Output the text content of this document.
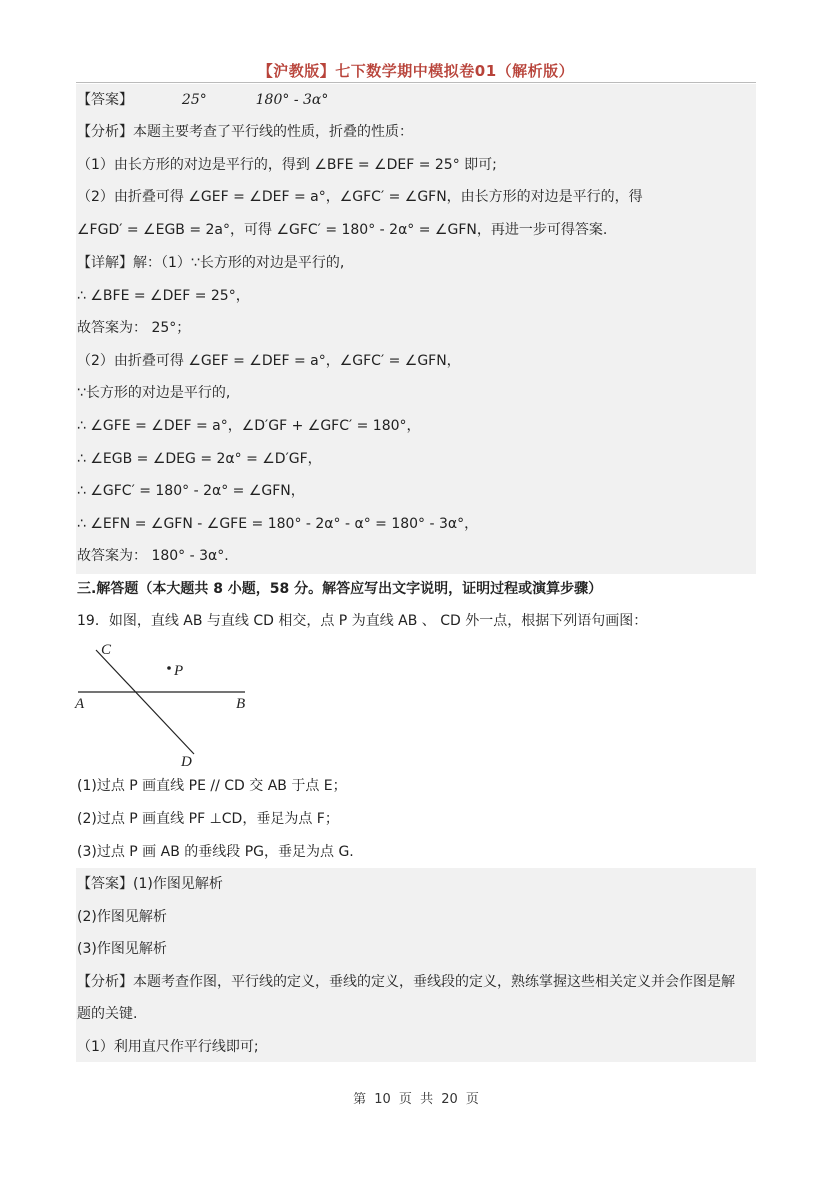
【沪教版】七下数学期中模拟卷01（解析版）
【答案】	25°	180° - 3α°
【分析】本题主要考查了平行线的性质，折叠的性质：
（1）由长方形的对边是平行的，得到 ∠BFE = ∠DEF = 25° 即可;
（2）由折叠可得 ∠GEF = ∠DEF = a°，∠GFC′ = ∠GFN，由长方形的对边是平行的，得
∠FGD′ = ∠EGB = 2a°，可得 ∠GFC′ = 180° - 2α° = ∠GFN，再进一步可得答案.
【详解】解：（1）∵长方形的对边是平行的,
∴ ∠BFE = ∠DEF = 25°，
故答案为： 25°；
（2）由折叠可得 ∠GEF = ∠DEF = a°，∠GFC′ = ∠GFN，
∵长方形的对边是平行的,
∴ ∠GFE = ∠DEF = a°，∠D′GF + ∠GFC′ = 180°，
∴ ∠EGB = ∠DEG = 2α° = ∠D′GF，
∴ ∠GFC′ = 180° - 2α° = ∠GFN，
∴ ∠EFN = ∠GFN - ∠GFE = 180° - 2α° - α° = 180° - 3α°，
故答案为： 180° - 3α°.
三.解答题（本大题共 8 小题，58 分。解答应写出文字说明，证明过程或演算步骤）
19．如图，直线 AB 与直线 CD 相交，点 P 为直线 AB 、 CD 外一点，根据下列语句画图：
C
P
A	B
D
(1)过点 P 画直线 PE // CD 交 AB 于点 E；
(2)过点 P 画直线 PF ⊥CD，垂足为点 F；
(3)过点 P 画 AB 的垂线段 PG，垂足为点 G.
【答案】(1)作图见解析
(2)作图见解析
(3)作图见解析
【分析】本题考查作图，平行线的定义，垂线的定义，垂线段的定义，熟练掌握这些相关定义并会作图是解
题的关键.
（1）利用直尺作平行线即可;
第 10 页 共 20 页
